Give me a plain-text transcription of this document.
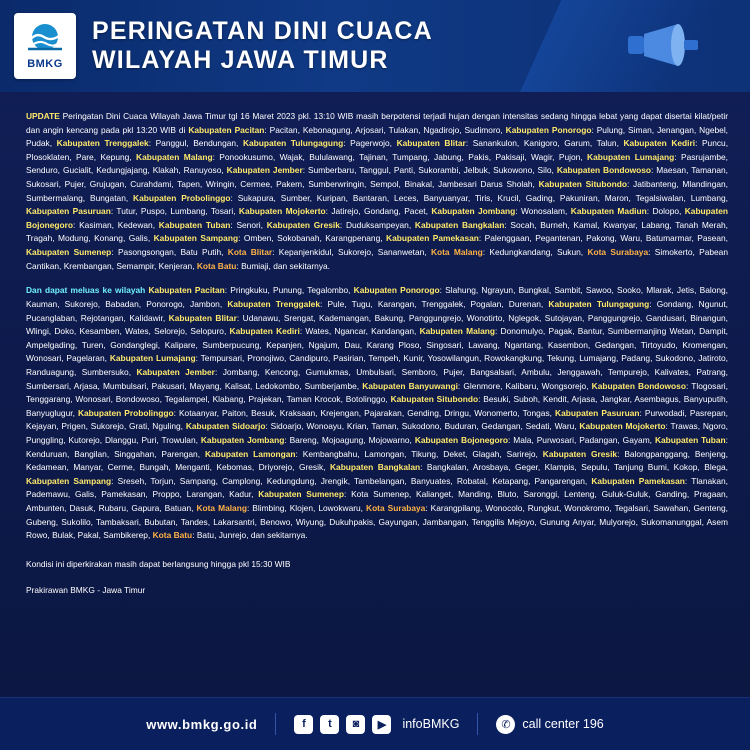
BMKG
PERINGATAN DINI CUACA
WILAYAH JAWA TIMUR
UPDATE Peringatan Dini Cuaca Wilayah Jawa Timur tgl 16 Maret 2023 pkl. 13:10 WIB masih berpotensi terjadi hujan dengan intensitas sedang hingga lebat yang dapat disertai kilat/petir dan angin kencang pada pkl 13:20 WIB di Kabupaten Pacitan: Pacitan, Kebonagung, Arjosari, Tulakan, Ngadirojo, Sudimoro, Kabupaten Ponorogo: Pulung, Siman, Jenangan, Ngebel, Pudak, Kabupaten Trenggalek: Panggul, Bendungan, Kabupaten Tulungagung: Pagerwojo, Kabupaten Blitar: Sanankulon, Kanigoro, Garum, Talun, Kabupaten Kediri: Puncu, Plosoklaten, Pare, Kepung, Kabupaten Malang: Ponookusumo, Wajak, Bululawang, Tajinan, Tumpang, Jabung, Pakis, Pakisaji, Wagir, Pujon, Kabupaten Lumajang: Pasrujambe, Senduro, Gucialit, Kedungjajang, Klakah, Ranuyoso, Kabupaten Jember: Sumberbaru, Tanggul, Panti, Sukorambi, Jelbuk, Sukowono, Silo, Kabupaten Bondowoso: Maesan, Tamanan, Sukosari, Pujer, Grujugan, Curahdami, Tapen, Wringin, Cermee, Pakem, Sumberwringin, Sempol, Binakal, Jambesari Darus Sholah, Kabupaten Situbondo: Jatibanteng, Mlandingan, Sumbermalang, Bungatan, Kabupaten Probolinggo: Sukapura, Sumber, Kuripan, Bantaran, Leces, Banyuanyar, Tiris, Krucil, Gading, Pakuniran, Maron, Tegalsiwalan, Lumbang, Kabupaten Pasuruan: Tutur, Puspo, Lumbang, Tosari, Kabupaten Mojokerto: Jatirejo, Gondang, Pacet, Kabupaten Jombang: Wonosalam, Kabupaten Madiun: Dolopo, Kabupaten Bojonegoro: Kasiman, Kedewan, Kabupaten Tuban: Senori, Kabupaten Gresik: Duduksampeyan, Kabupaten Bangkalan: Socah, Burneh, Kamal, Kwanyar, Labang, Tanah Merah, Tragah, Modung, Konang, Galis, Kabupaten Sampang: Omben, Sokobanah, Karangpenang, Kabupaten Pamekasan: Palenggaan, Pegantenan, Pakong, Waru, Batumarmar, Pasean, Kabupaten Sumenep: Pasongsongan, Batu Putih, Kota Blitar: Kepanjenkidul, Sukorejo, Sananwetan, Kota Malang: Kedungkandang, Sukun, Kota Surabaya: Simokerto, Pabean Cantikan, Krembangan, Semampir, Kenjeran, Kota Batu: Bumiaji, dan sekitarnya.
Dan dapat meluas ke wilayah Kabupaten Pacitan: Pringkuku, Punung, Tegalombo, Kabupaten Ponorogo: Slahung, Ngrayun, Bungkal, Sambit, Sawoo, Sooko, Mlarak, Jetis, Balong, Kauman, Sukorejo, Babadan, Ponorogo, Jambon, Kabupaten Trenggalek: Pule, Tugu, Karangan, Trenggalek, Pogalan, Durenan, Kabupaten Tulungagung: Gondang, Ngunut, Pucanglaban, Rejotangan, Kalidawir, Kabupaten Blitar: Udanawu, Srengat, Kademangan, Bakung, Panggungrejo, Wonotirto, Nglegok, Sutojayan, Panggungrejo, Gandusari, Binangun, Wlingi, Doko, Kesamben, Wates, Selorejo, Selopuro, Kabupaten Kediri: Wates, Ngancar, Kandangan, Kabupaten Malang: Donomulyo, Pagak, Bantur, Sumbermanjing Wetan, Dampit, Ampelgading, Turen, Gondanglegi, Kalipare, Sumberpucung, Kepanjen, Ngajum, Dau, Karang Ploso, Singosari, Lawang, Ngantang, Kasembon, Gedangan, Tirtoyudo, Kromengan, Wonosari, Pagelaran, Kabupaten Lumajang: Tempursari, Pronojiwo, Candipuro, Pasirian, Tempeh, Kunir, Yosowilangun, Rowokangkung, Tekung, Lumajang, Padang, Sukodono, Jatiroto, Randuagung, Sumbersuko, Kabupaten Jember: Jombang, Kencong, Gumukmas, Umbulsari, Semboro, Pujer, Bangsalsari, Ambulu, Jenggawah, Tempurejo, Kalivates, Patrang, Sumbersari, Arjasa, Mumbulsari, Pakusari, Mayang, Kalisat, Ledokombo, Sumberjambe, Kabupaten Banyuwangi: Glenmore, Kalibaru, Wongsorejo, Kabupaten Bondowoso: Tlogosari, Tenggarang, Wonosari, Bondowoso, Tegalampel, Klabang, Prajekan, Taman Krocok, Botolinggo, Kabupaten Situbondo: Besuki, Suboh, Kendit, Arjasa, Jangkar, Asembagus, Banyuputih, Banyuglugur, Kabupaten Probolinggo: Kotaanyar, Paiton, Besuk, Kraksaan, Krejengan, Pajarakan, Gending, Dringu, Wonomerto, Tongas, Kabupaten Pasuruan: Purwodadi, Pasrepan, Kejayan, Prigen, Sukorejo, Gratі, Nguling, Kabupaten Sidoarjo: Sidoarjo, Wonoayu, Krian, Taman, Sukodono, Buduran, Gedangan, Sedati, Waru, Kabupaten Mojokerto: Trawas, Ngoro, Punggling, Kutorejo, Dlanggu, Puri, Trowulan, Kabupaten Jombang: Bareng, Mojoagung, Mojowarno, Kabupaten Bojonegoro: Mala, Purwosari, Padangan, Gayam, Kabupaten Tuban: Kenduruan, Bangilan, Singgahan, Parengan, Kabupaten Lamongan: Kembangbahu, Lamongan, Tikung, Deket, Glagah, Sarirejo, Kabupaten Gresik: Balongpanggang, Benjeng, Kedamean, Manyar, Cerme, Bungah, Menganti, Kebomas, Driyorejo, Gresik, Kabupaten Bangkalan: Bangkalan, Arosbaya, Geger, Klampis, Sepulu, Tanjung Bumi, Kokop, Blega, Kabupaten Sampang: Sreseh, Torjun, Sampang, Camplong, Kedungdung, Jrengik, Tambelangan, Banyuates, Robatal, Ketapang, Pangarengan, Kabupaten Pamekasan: Tlanakan, Pademawu, Galis, Pamekasan, Proppo, Larangan, Kadur, Kabupaten Sumenep: Kota Sumenep, Kalianget, Manding, Bluto, Saronggi, Lenteng, Guluk-Guluk, Ganding, Pragaan, Ambunten, Dasuk, Rubaru, Gapura, Batuan, Kota Malang: Blimbing, Klojen, Lowokwaru, Kota Surabaya: Karangpilang, Wonocolo, Rungkut, Wonokromo, Tegalsari, Sawahan, Genteng, Gubeng, Sukolilo, Tambaksari, Bubutan, Tandes, Lakarsantri, Benowo, Wiyung, Dukuhpakis, Gayungan, Jambangan, Tenggilis Mejoyo, Gunung Anyar, Mulyorejo, Sukomanunggal, Asem Rowo, Bulak, Pakal, Sambikerep, Kota Batu: Batu, Junrejo, dan sekitarnya.
Kondisi ini diperkirakan masih dapat berlangsung hingga pkl 15:30 WIB
Prakirawan BMKG - Jawa Timur
www.bmkg.go.id	f	t	◙	▶	infoBMKG	✆ call center 196
